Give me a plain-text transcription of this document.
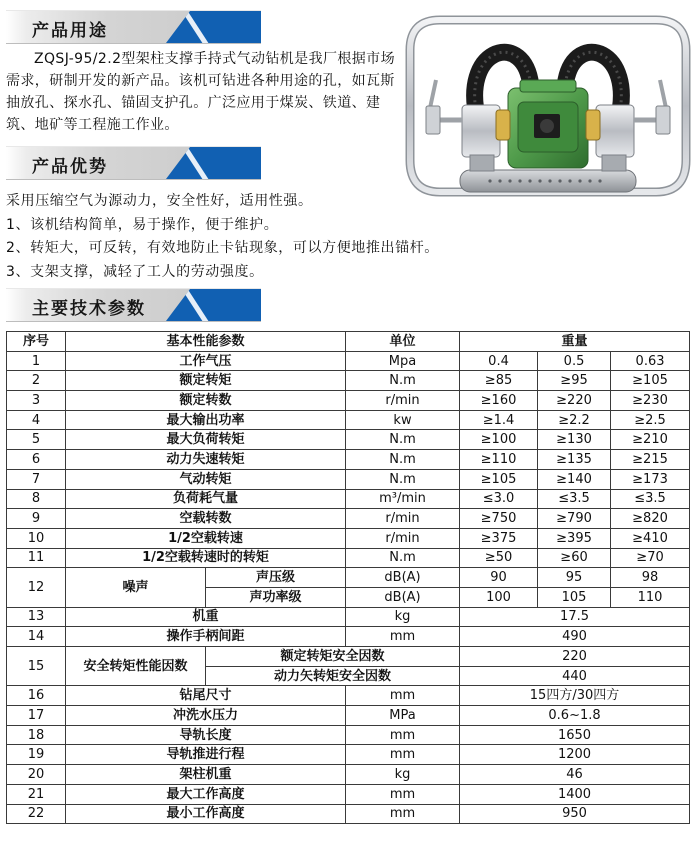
产品用途

ZQSJ-95/2.2型架柱支撑手持式气动钻机是我厂根据市场需求，研制开发的新产品。该机可钻进各种用途的孔，如瓦斯抽放孔、探水孔、锚固支护孔。广泛应用于煤炭、铁道、建筑、地矿等工程施工作业。

产品优势

采用压缩空气为源动力，安全性好，适用性强。

1、该机结构简单，易于操作，便于维护。

2、转矩大，可反转，有效地防止卡钻现象，可以方便地推出锚杆。

3、支架支撑，减轻了工人的劳动强度。

主要技术参数
序号	基本性能参数		单位	重量		
1	工作气压		Mpa	0.4	0.5	0.63
2	额定转矩		N.m	≥85	≥95	≥105
3	额定转数		r/min	≥160	≥220	≥230
4	最大输出功率		kw	≥1.4	≥2.2	≥2.5
5	最大负荷转矩		N.m	≥100	≥130	≥210
6	动力失速转矩		N.m	≥110	≥135	≥215
7	气动转矩		N.m	≥105	≥140	≥173
8	负荷耗气量		m³/min	≤3.0	≤3.5	≤3.5
9	空载转数		r/min	≥750	≥790	≥820
10	1/2空载转速		r/min	≥375	≥395	≥410
11	1/2空载转速时的转矩		N.m	≥50	≥60	≥70
12	噪声	声压级	dB(A)	90	95	98
		声功率级	dB(A)	100	105	110
13	机重		kg	17.5		
14	操作手柄间距		mm	490		
15	安全转矩性能因数	额定转矩安全因数		220		
		动力矢转矩安全因数		440		
16	钻尾尺寸		mm	15四方/30四方		
17	冲洗水压力		MPa	0.6~1.8		
18	导轨长度		mm	1650		
19	导轨推进行程		mm	1200		
20	架柱机重		kg	46		
21	最大工作高度		mm	1400		
22	最小工作高度		mm	950		
